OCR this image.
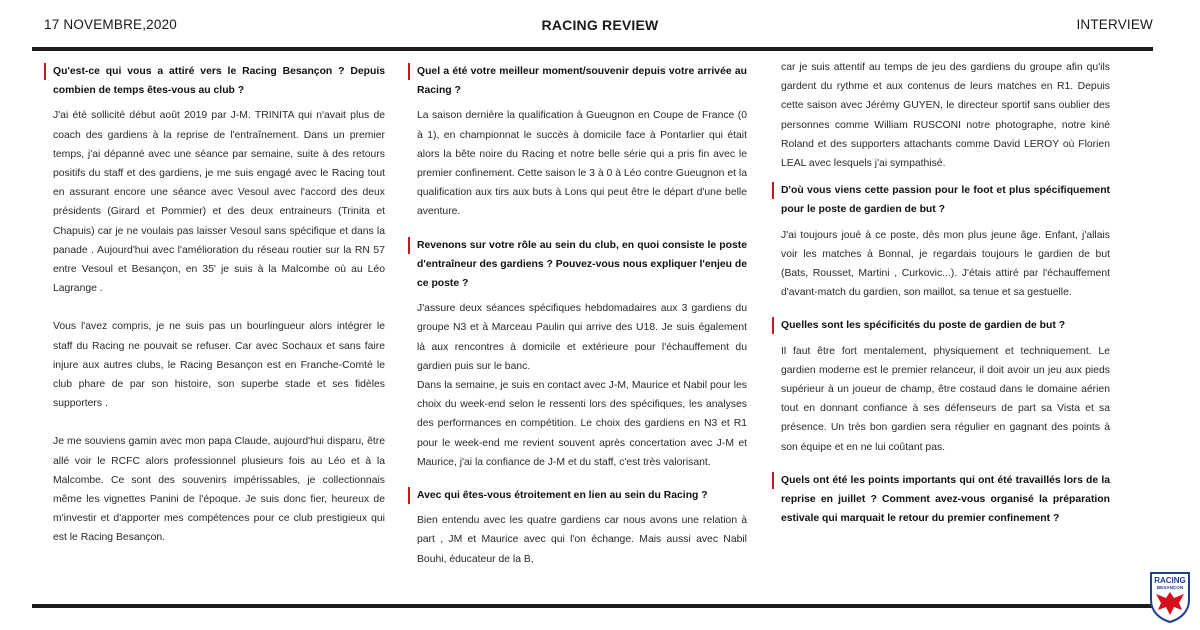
17 NOVEMBRE,2020	RACING REVIEW	INTERVIEW
Qu'est-ce qui vous a attiré vers le Racing Besançon ? Depuis combien de temps êtes-vous au club ?
J'ai été sollicité début août 2019 par J-M. TRINITA qui n'avait plus de coach des gardiens à la reprise de l'entraînement. Dans un premier temps, j'ai dépanné avec une séance par semaine, suite à des retours positifs du staff et des gardiens, je me suis engagé avec le Racing tout en assurant encore une séance avec Vesoul avec l'accord des deux présidents (Girard et Pommier) et des deux entraineurs (Trinita et Chapuis) car je ne voulais pas laisser Vesoul sans spécifique et dans la panade . Aujourd'hui avec l'amélioration du réseau routier sur la RN 57 entre Vesoul et Besançon, en 35' je suis à la Malcombe où au Léo Lagrange .
Vous l'avez compris, je ne suis pas un bourlingueur alors intégrer le staff du Racing ne pouvait se refuser. Car avec Sochaux et sans faire injure aux autres clubs, le Racing Besançon est en Franche-Comté le club phare de par son histoire, son superbe stade et ses fidèles supporters .
Je me souviens gamin avec mon papa Claude, aujourd'hui disparu, être allé voir le RCFC alors professionnel plusieurs fois au Léo et à la Malcombe. Ce sont des souvenirs impérissables, je collectionnais même les vignettes Panini de l'époque. Je suis donc fier, heureux de m'investir et d'apporter mes compétences pour ce club prestigieux qui est le Racing Besançon.
Quel a été votre meilleur moment/souvenir depuis votre arrivée au Racing ?
La saison dernière la qualification à Gueugnon en Coupe de France (0 à 1), en championnat le succès à domicile face à Pontarlier qui était alors la bête noire du Racing et notre belle série qui a pris fin avec le premier confinement. Cette saison le 3 à 0 à Léo contre Gueugnon et la qualification aux tirs aux buts à Lons qui peut être le départ d'une belle aventure.
Revenons sur votre rôle au sein du club, en quoi consiste le poste d'entraîneur des gardiens ? Pouvez-vous nous expliquer l'enjeu de ce poste ?
J'assure deux séances spécifiques hebdomadaires aux 3 gardiens du groupe N3 et à Marceau Paulin qui arrive des U18. Je suis également là aux rencontres à domicile et extérieure pour l'échauffement du gardien puis sur le banc.
Dans la semaine, je suis en contact avec J-M, Maurice et Nabil pour les choix du week-end selon le ressenti lors des spécifiques, les analyses des performances en compétition. Le choix des gardiens en N3 et R1 pour le week-end me revient souvent après concertation avec J-M et Maurice, j'ai la confiance de J-M et du staff, c'est très valorisant.
Avec qui êtes-vous étroitement en lien au sein du Racing ?
Bien entendu avec les quatre gardiens car nous avons une relation à part , JM et Maurice avec qui l'on échange. Mais aussi avec Nabil Bouhi, éducateur de la B,
car je suis attentif au temps de jeu des gardiens du groupe afin qu'ils gardent du rythme et aux contenus de leurs matches en R1. Depuis cette saison avec Jérémy GUYEN, le directeur sportif sans oublier des personnes comme William RUSCONI notre photographe, notre kiné Roland et des supporters attachants comme David LEROY où Florien LEAL avec lesquels j'ai sympathisé.
D'où vous viens cette passion pour le foot et plus spécifiquement pour le poste de gardien de but ?
J'ai toujours joué à ce poste, dès mon plus jeune âge. Enfant, j'allais voir les matches à Bonnal, je regardais toujours le gardien de but (Bats, Rousset, Martini , Curkovic...). J'étais attiré par l'échauffement d'avant-match du gardien, son maillot, sa tenue et sa gestuelle.
Quelles sont les spécificités du poste de gardien de but ?
Il faut être fort mentalement, physiquement et techniquement. Le gardien moderne est le premier relanceur, il doit avoir un jeu aux pieds supérieur à un joueur de champ, être costaud dans le domaine aérien tout en donnant confiance à ses défenseurs de part sa Vista et sa présence. Un très bon gardien sera régulier en gagnant des points à son équipe et en ne lui coûtant pas.
Quels ont été les points importants qui ont été travaillés lors de la reprise en juillet ? Comment avez-vous organisé la préparation estivale qui marquait le retour du premier confinement ?
RACING
BESANÇON
